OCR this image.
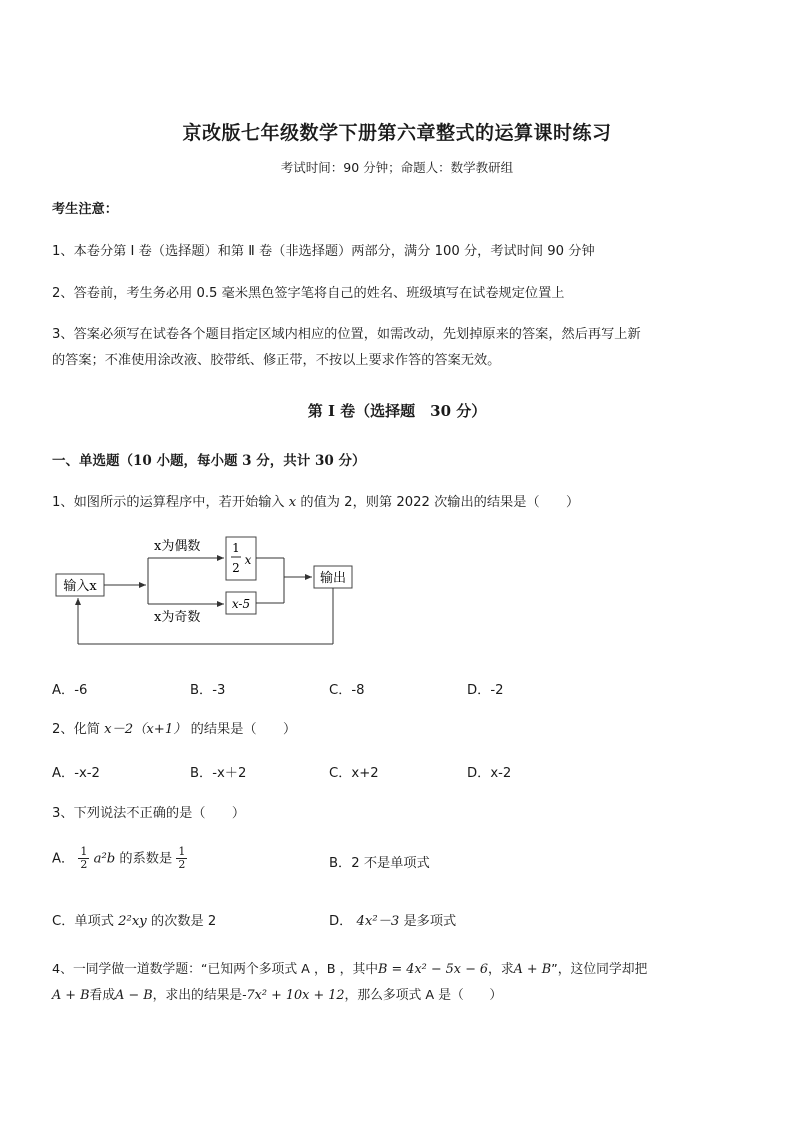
京改版七年级数学下册第六章整式的运算课时练习
考试时间：90 分钟；命题人：数学教研组
考生注意：
1、本卷分第 Ⅰ 卷（选择题）和第 Ⅱ 卷（非选择题）两部分，满分 100 分，考试时间 90 分钟
2、答卷前，考生务必用 0.5 毫米黑色签字笔将自己的姓名、班级填写在试卷规定位置上
3、答案必须写在试卷各个题目指定区域内相应的位置，如需改动，先划掉原来的答案，然后再写上新
的答案；不准使用涂改液、胶带纸、修正带，不按以上要求作答的答案无效。
第 Ⅰ 卷（选择题　30 分）
一、单选题（10 小题，每小题 3 分，共计 30 分）
1、如图所示的运算程序中，若开始输入 x 的值为 2，则第 2022 次输出的结果是（　　）
输入x
x为偶数
x为奇数
1
2
x
x-5
输出
A．-6	B．-3	C．-8	D．-2
2、化简 x－2（x+1） 的结果是（　　）
A．-x-2	B．-x＋2	C．x+2	D．x-2
3、下列说法不正确的是（　　）
A． $\frac{1}{2} a^2b$ 的系数是 $\frac{1}{2}$	B．2 不是单项式
C．单项式 2²xy 的次数是 2	D． 4x²－3 是多项式
4、一同学做一道数学题：“已知两个多项式 A ，B ，其中B = 4x² − 5x − 6，求A + B”，这位同学却把
A + B看成A − B，求出的结果是-7x² + 10x + 12，那么多项式 A 是（　　）
